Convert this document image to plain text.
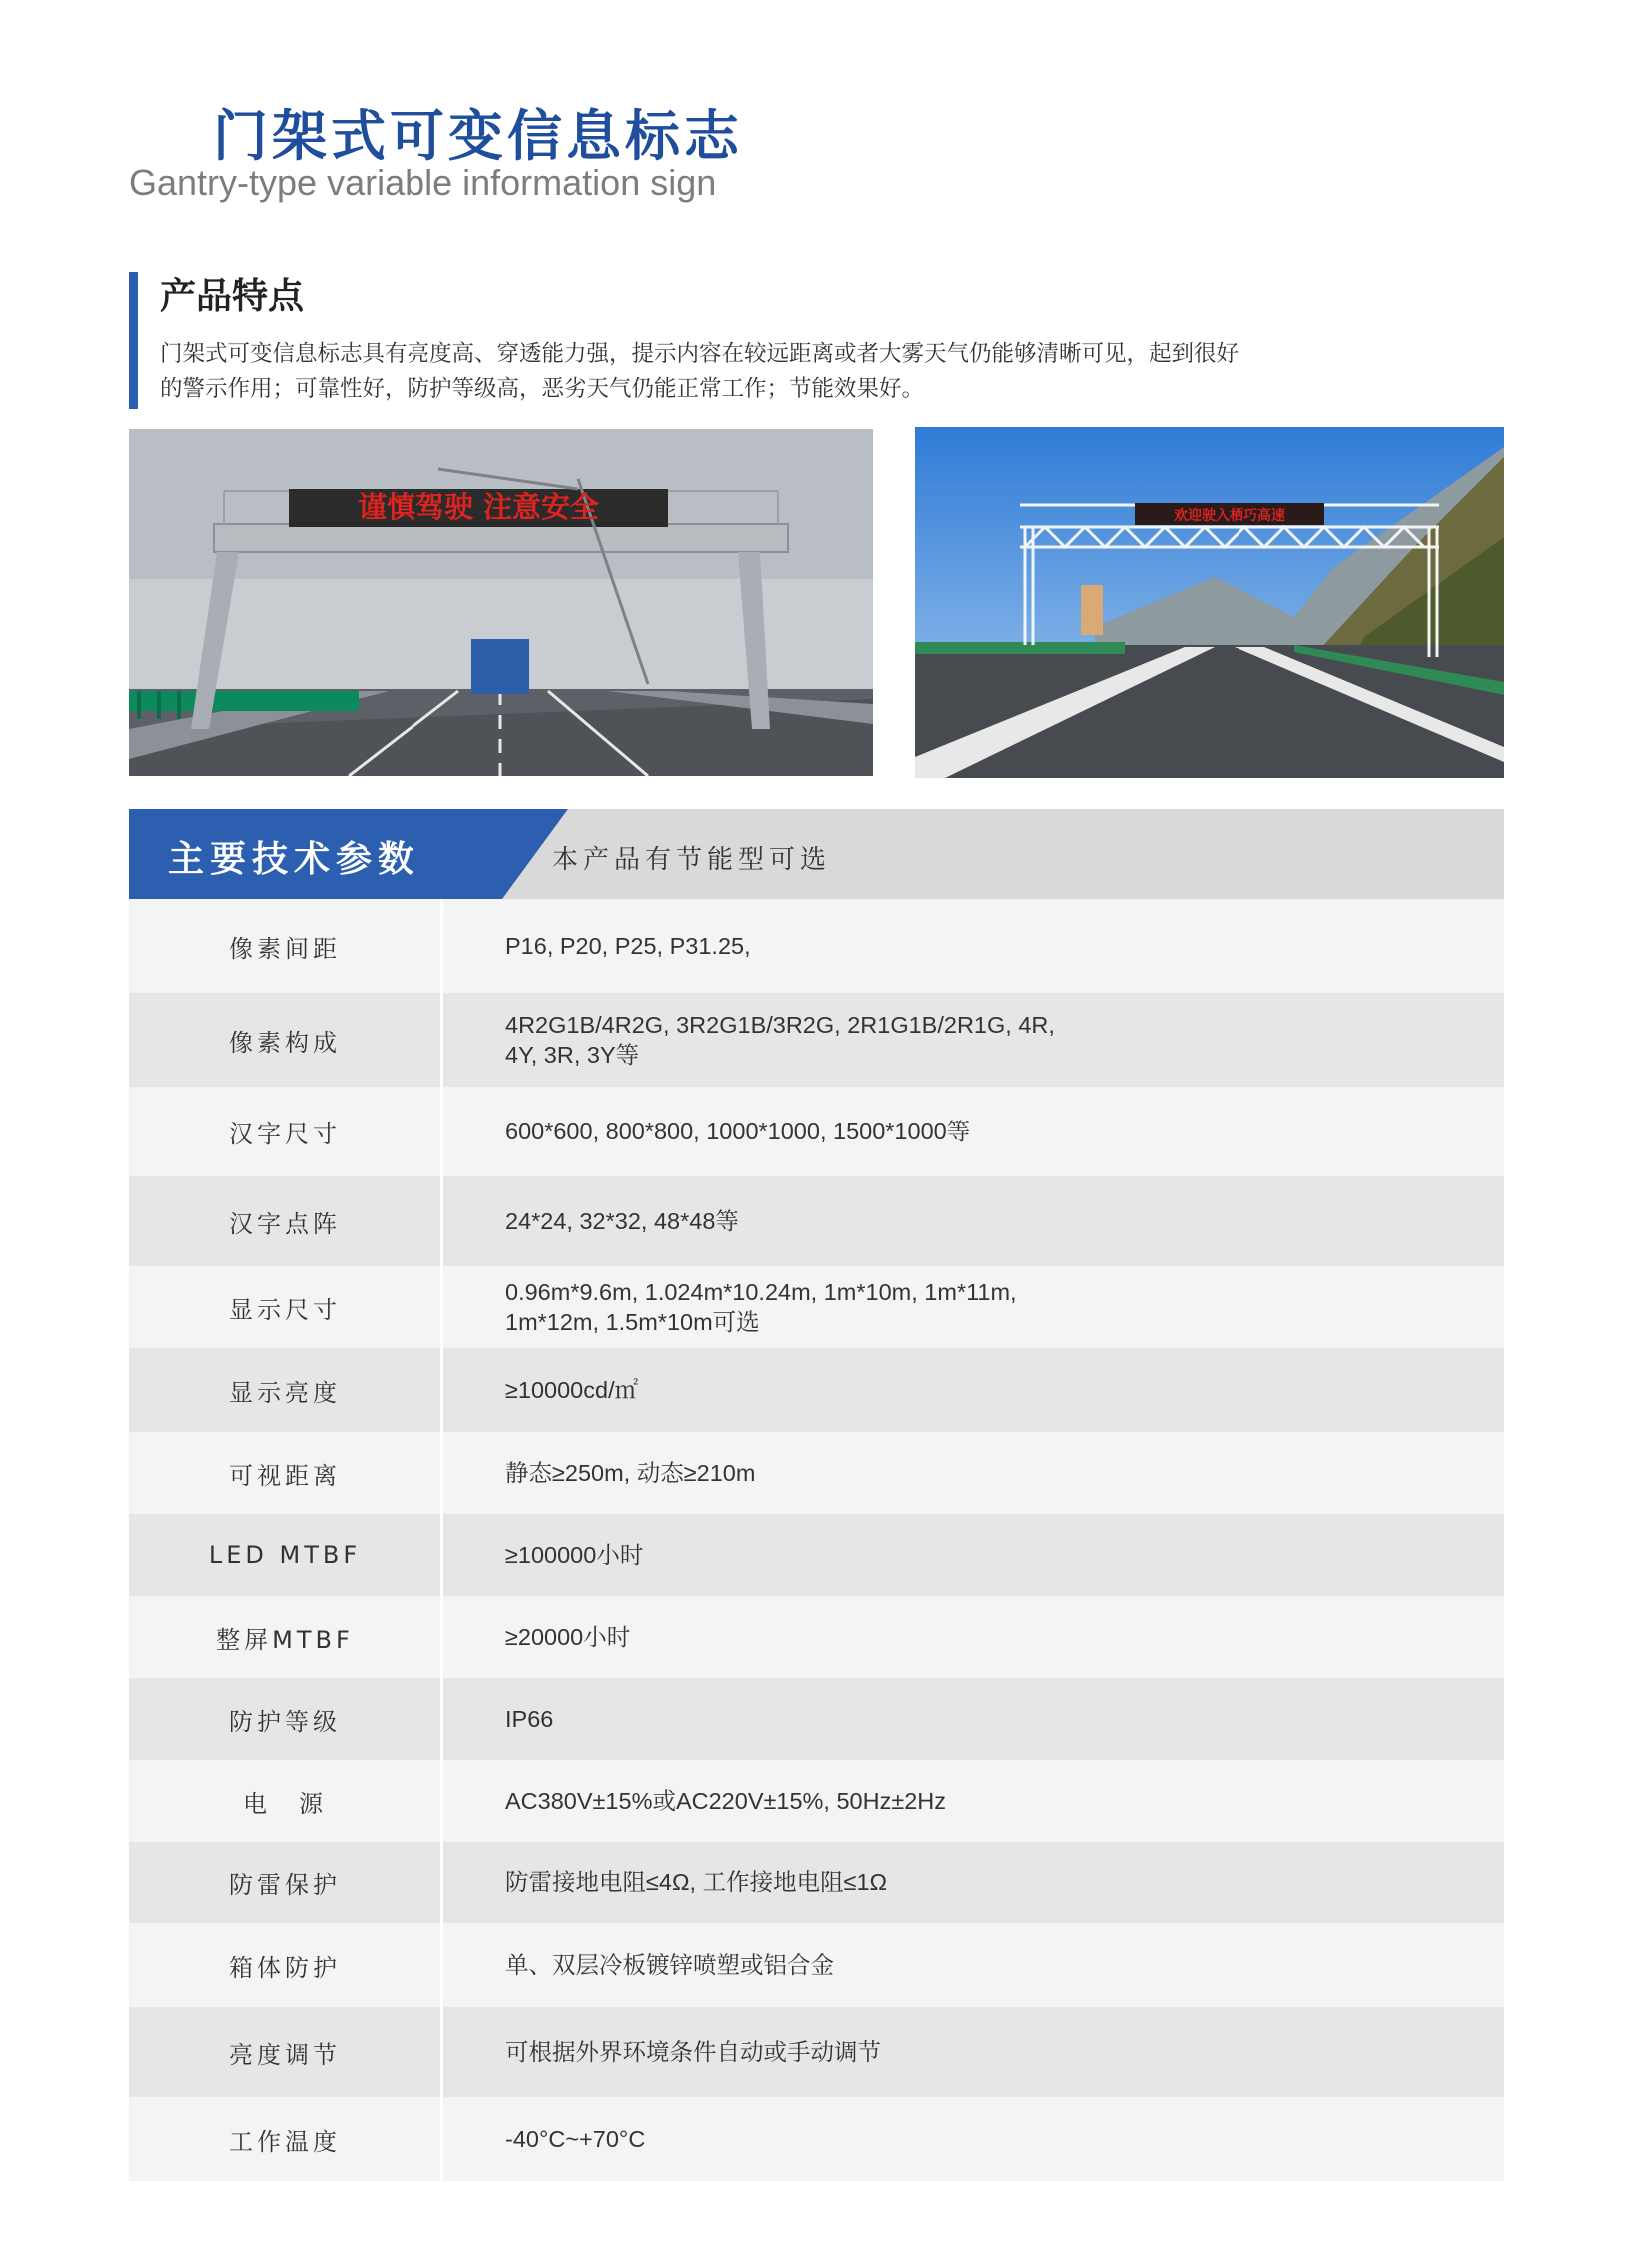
门架式可变信息标志
Gantry-type variable information sign
产品特点

门架式可变信息标志具有亮度高、穿透能力强，提示内容在较远距离或者大雾天气仍能够清晰可见，起到很好的警示作用；可靠性好，防护等级高，恶劣天气仍能正常工作；节能效果好。

谨慎驾驶 注意安全	欢迎驶入栖巧高速
主要技术参数	本产品有节能型可选
像素间距	P16, P20, P25, P31.25,
像素构成	4R2G1B/4R2G, 3R2G1B/3R2G, 2R1G1B/2R1G, 4R,
4Y, 3R, 3Y等

汉字尺寸	600*600, 800*800, 1000*1000, 1500*1000等
汉字点阵	24*24, 32*32, 48*48等
显示尺寸	0.96m*9.6m, 1.024m*10.24m, 1m*10m, 1m*11m,
1m*12m, 1.5m*10m可选

显示亮度	≥10000cd/㎡
可视距离	静态≥250m, 动态≥210m
LED MTBF	≥100000小时
整屏MTBF	≥20000小时
防护等级	IP66
电　源	AC380V±15%或AC220V±15%, 50Hz±2Hz
防雷保护	防雷接地电阻≤4Ω, 工作接地电阻≤1Ω
箱体防护	单、双层冷板镀锌喷塑或铝合金
亮度调节	可根据外界环境条件自动或手动调节
工作温度	-40°C~+70°C
